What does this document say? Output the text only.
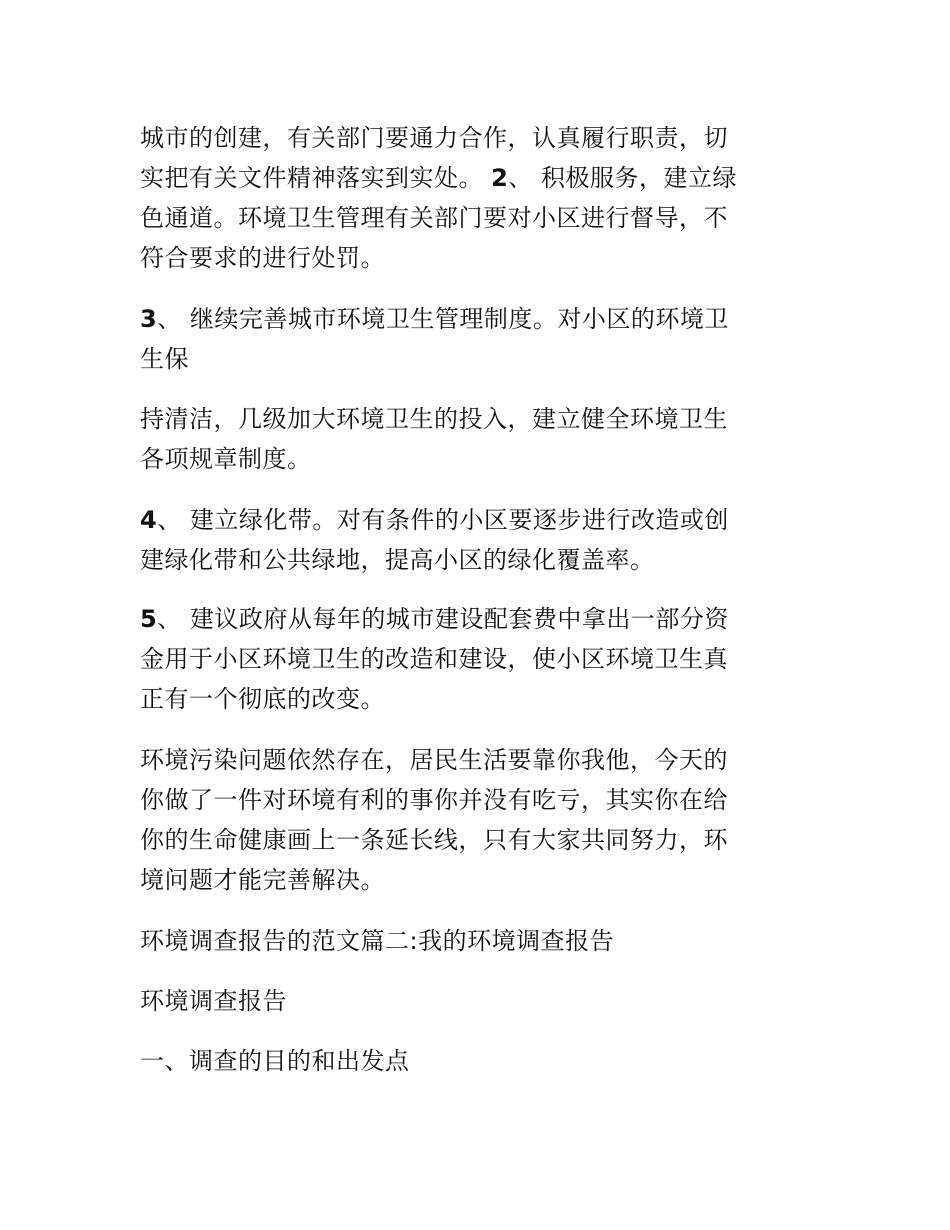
城市的创建，有关部门要通力合作，认真履行职责，切
实把有关文件精神落实到实处。 2、 积极服务，建立绿
色通道。环境卫生管理有关部门要对小区进行督导，不
符合要求的进行处罚。
3、 继续完善城市环境卫生管理制度。对小区的环境卫
生保
持清洁，几级加大环境卫生的投入，建立健全环境卫生
各项规章制度。
4、 建立绿化带。对有条件的小区要逐步进行改造或创
建绿化带和公共绿地，提高小区的绿化覆盖率。
5、 建议政府从每年的城市建设配套费中拿出一部分资
金用于小区环境卫生的改造和建设，使小区环境卫生真
正有一个彻底的改变。
环境污染问题依然存在，居民生活要靠你我他，今天的
你做了一件对环境有利的事你并没有吃亏，其实你在给
你的生命健康画上一条延长线，只有大家共同努力，环
境问题才能完善解决。
环境调查报告的范文篇二:我的环境调查报告
环境调查报告
一、调查的目的和出发点
